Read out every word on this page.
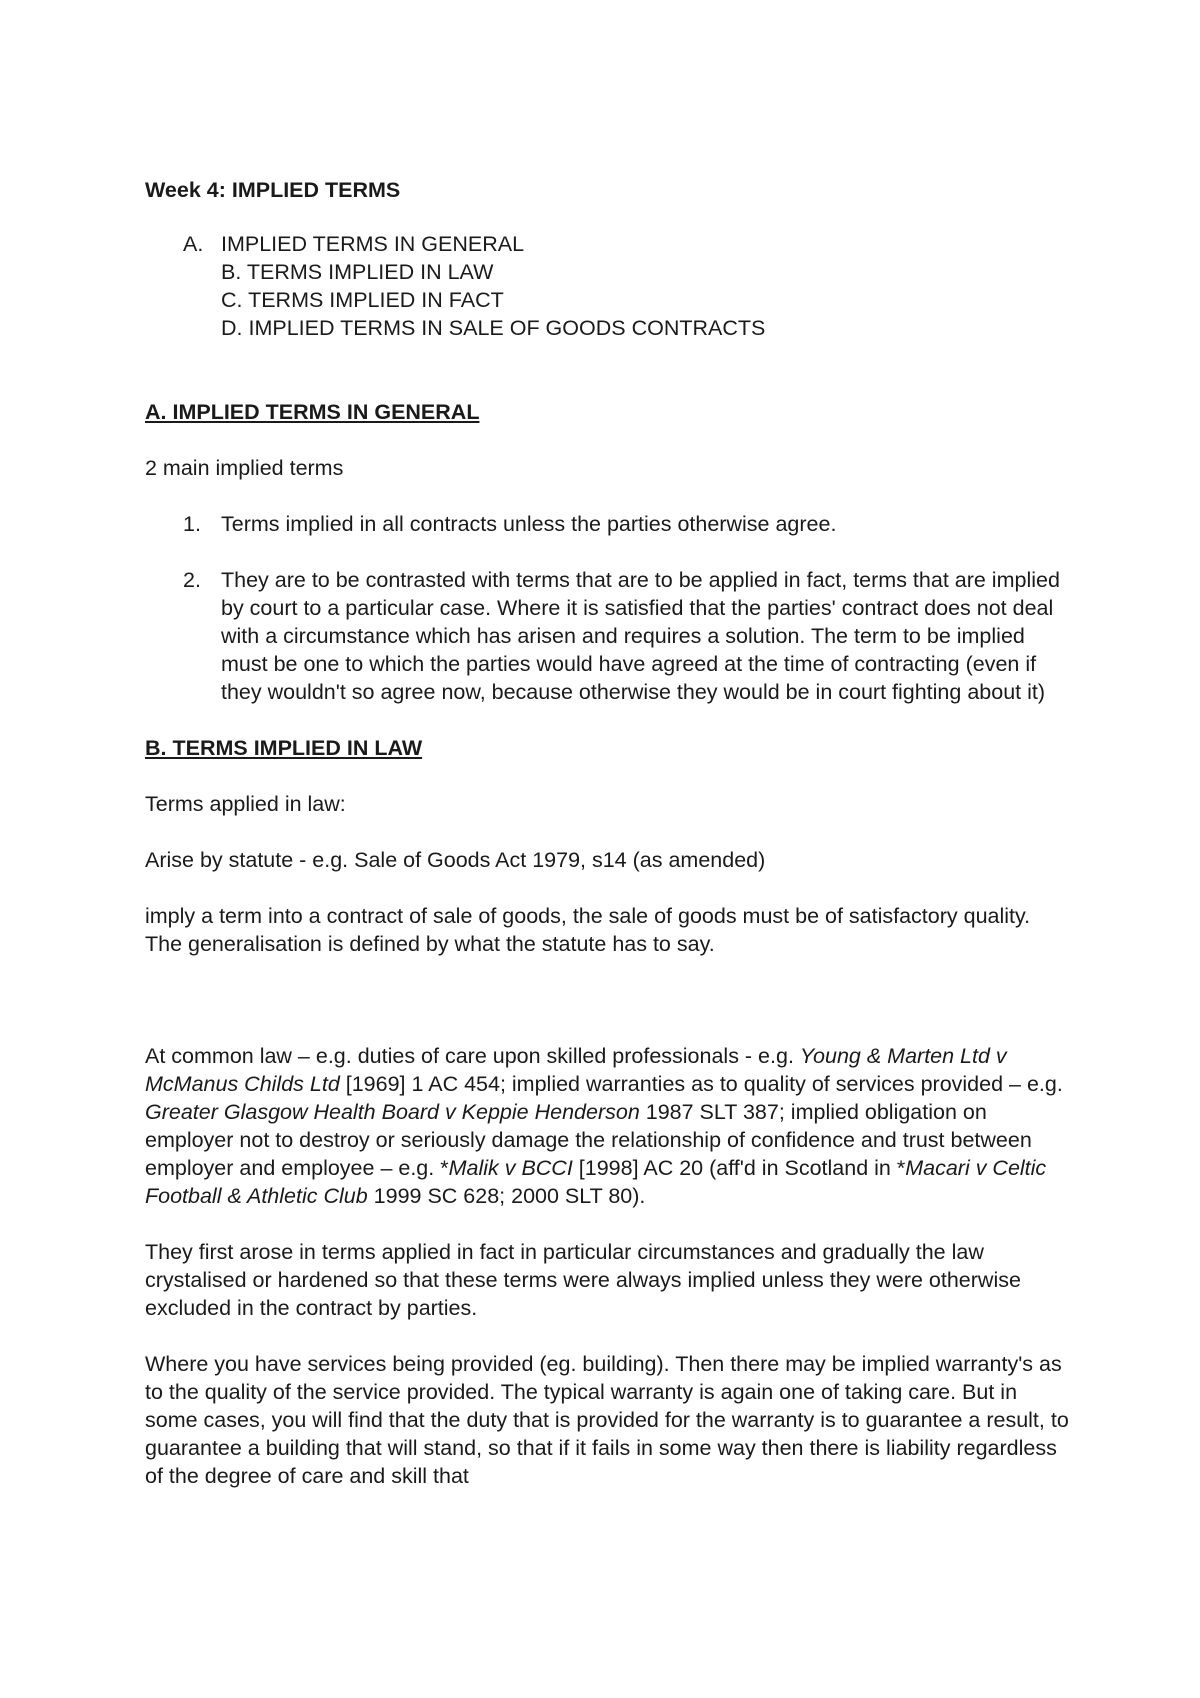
Week 4: IMPLIED TERMS
A. IMPLIED TERMS IN GENERAL
B. TERMS IMPLIED IN LAW
C. TERMS IMPLIED IN FACT
D. IMPLIED TERMS IN SALE OF GOODS CONTRACTS
A. IMPLIED TERMS IN GENERAL

2 main implied terms

1. Terms implied in all contracts unless the parties otherwise agree.
2. They are to be contrasted with terms that are to be applied in fact, terms that are implied by court to a particular case. Where it is satisfied that the parties' contract does not deal with a circumstance which has arisen and requires a solution. The term to be implied must be one to which the parties would have agreed at the time of contracting (even if they wouldn't so agree now, because otherwise they would be in court fighting about it)
B. TERMS IMPLIED IN LAW

Terms applied in law:

Arise by statute - e.g. Sale of Goods Act 1979, s14 (as amended)

imply a term into a contract of sale of goods, the sale of goods must be of satisfactory quality. The generalisation is defined by what the statute has to say.

At common law – e.g. duties of care upon skilled professionals - e.g. Young & Marten Ltd v McManus Childs Ltd [1969] 1 AC 454; implied warranties as to quality of services provided – e.g. Greater Glasgow Health Board v Keppie Henderson 1987 SLT 387; implied obligation on employer not to destroy or seriously damage the relationship of confidence and trust between employer and employee – e.g. *Malik v BCCI [1998] AC 20 (aff'd in Scotland in *Macari v Celtic Football & Athletic Club 1999 SC 628; 2000 SLT 80).

They first arose in terms applied in fact in particular circumstances and gradually the law crystalised or hardened so that these terms were always implied unless they were otherwise excluded in the contract by parties.

Where you have services being provided (eg. building). Then there may be implied warranty's as to the quality of the service provided. The typical warranty is again one of taking care. But in some cases, you will find that the duty that is provided for the warranty is to guarantee a result, to guarantee a building that will stand, so that if it fails in some way then there is liability regardless of the degree of care and skill that
